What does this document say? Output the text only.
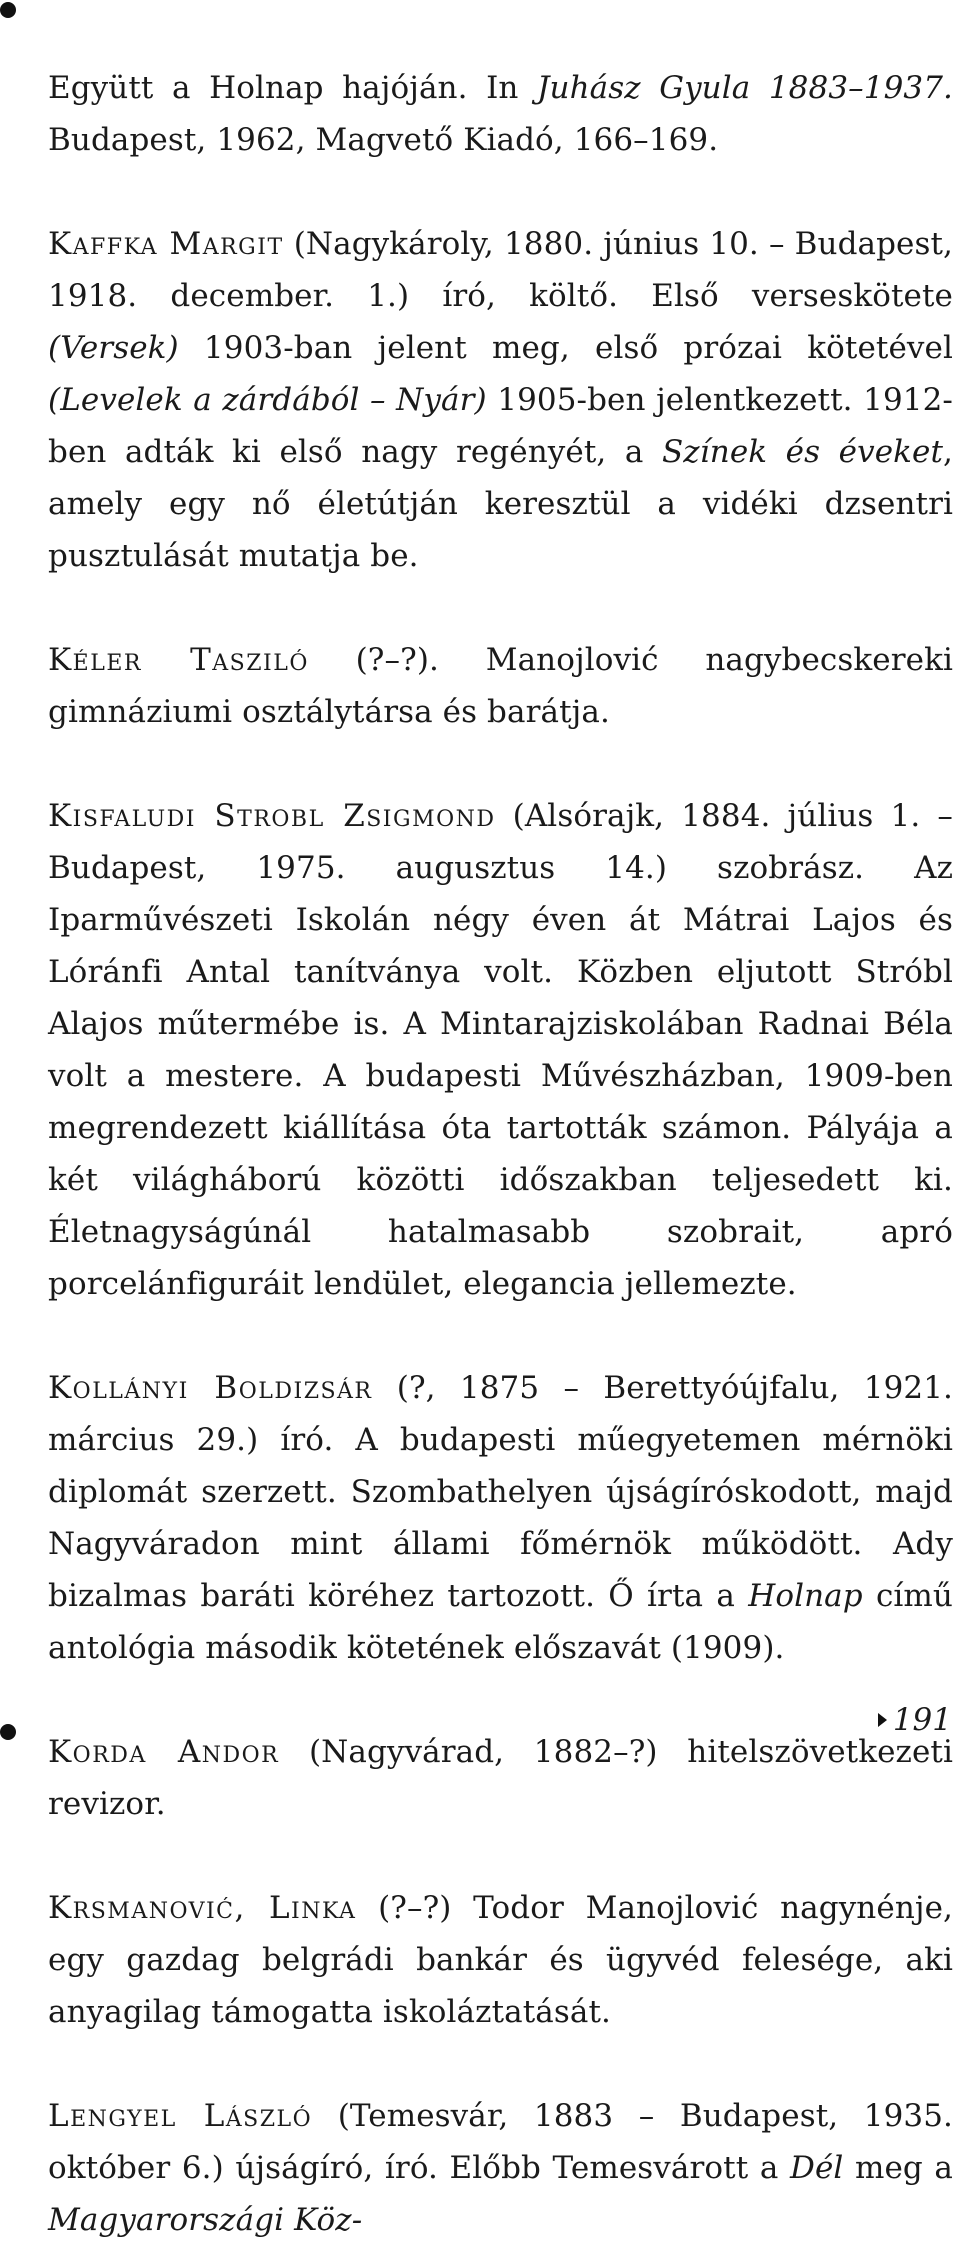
Együtt a Holnap hajóján. In Juhász Gyula 1883–1937. Budapest, 1962, Magvető Kiadó, 166–169.

Kaffka Margit (Nagykároly, 1880. június 10. – Budapest, 1918. december. 1.) író, költő. Első verseskötete (Versek) 1903-ban jelent meg, első prózai kötetével (Levelek a zárdából – Nyár) 1905-ben jelentkezett. 1912-ben adták ki első nagy regényét, a Színek és éveket, amely egy nő életútján keresztül a vidéki dzsentri pusztulását mutatja be.

Kéler Tasziló (?–?). Manojlović nagybecskereki gimnáziumi osztálytársa és barátja.

Kisfaludi Strobl Zsigmond (Alsórajk, 1884. július 1. – Budapest, 1975. augusztus 14.) szobrász. Az Iparművészeti Iskolán négy éven át Mátrai Lajos és Lóránfi Antal tanítványa volt. Közben eljutott Stróbl Alajos műtermébe is. A Mintarajziskolában Radnai Béla volt a mestere. A budapesti Művészházban, 1909-ben megrendezett kiállítása óta tartották számon. Pályája a két világháború közötti időszakban teljesedett ki. Életnagyságúnál hatalmasabb szobrait, apró porcelánfiguráit lendület, elegancia jellemezte.

Kollányi Boldizsár (?, 1875 – Berettyóújfalu, 1921. március 29.) író. A budapesti műegyetemen mérnöki diplomát szerzett. Szombathelyen újságíróskodott, majd Nagyváradon mint állami főmérnök működött. Ady bizalmas baráti köréhez tartozott. Ő írta a Holnap című antológia második kötetének előszavát (1909).

Korda Andor (Nagyvárad, 1882–?) hitelszövetkezeti revizor.

Krsmanović, Linka (?–?) Todor Manojlović nagynénje, egy gazdag belgrádi bankár és ügyvéd felesége, aki anyagilag támogatta iskoláztatását.

Lengyel László (Temesvár, 1883 – Budapest, 1935. október 6.) újságíró, író. Előbb Temesvárott a Dél meg a Magyarországi Köz-

191
